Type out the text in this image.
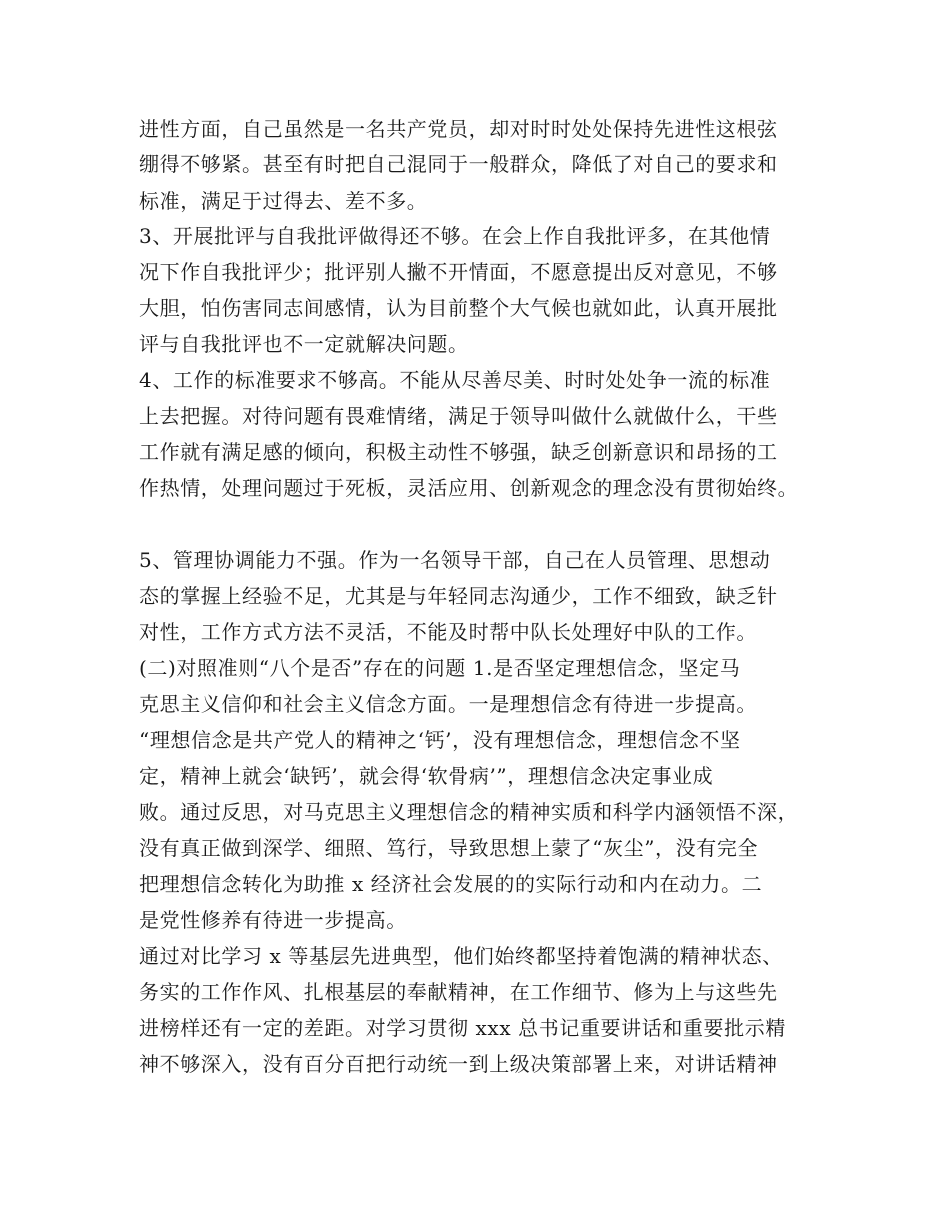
进性方面，自己虽然是一名共产党员，却对时时处处保持先进性这根弦
绷得不够紧。甚至有时把自己混同于一般群众，降低了对自己的要求和
标准，满足于过得去、差不多。
3、开展批评与自我批评做得还不够。在会上作自我批评多，在其他情
况下作自我批评少；批评别人撇不开情面，不愿意提出反对意见，不够
大胆，怕伤害同志间感情，认为目前整个大气候也就如此，认真开展批
评与自我批评也不一定就解决问题。
4、工作的标准要求不够高。不能从尽善尽美、时时处处争一流的标准
上去把握。对待问题有畏难情绪，满足于领导叫做什么就做什么，干些
工作就有满足感的倾向，积极主动性不够强，缺乏创新意识和昂扬的工
作热情，处理问题过于死板，灵活应用、创新观念的理念没有贯彻始终。
5、管理协调能力不强。作为一名领导干部，自己在人员管理、思想动
态的掌握上经验不足，尤其是与年轻同志沟通少，工作不细致，缺乏针
对性，工作方式方法不灵活，不能及时帮中队长处理好中队的工作。
(二)对照准则“八个是否”存在的问题 1.是否坚定理想信念，坚定马
克思主义信仰和社会主义信念方面。一是理想信念有待进一步提高。
“理想信念是共产党人的精神之‘钙’，没有理想信念，理想信念不坚
定，精神上就会‘缺钙’，就会得‘软骨病’”，理想信念决定事业成
败。通过反思，对马克思主义理想信念的精神实质和科学内涵领悟不深，
没有真正做到深学、细照、笃行，导致思想上蒙了“灰尘”，没有完全
把理想信念转化为助推 x 经济社会发展的的实际行动和内在动力。二
是党性修养有待进一步提高。
通过对比学习 x 等基层先进典型，他们始终都坚持着饱满的精神状态、
务实的工作作风、扎根基层的奉献精神，在工作细节、修为上与这些先
进榜样还有一定的差距。对学习贯彻 xxx 总书记重要讲话和重要批示精
神不够深入，没有百分百把行动统一到上级决策部署上来，对讲话精神
